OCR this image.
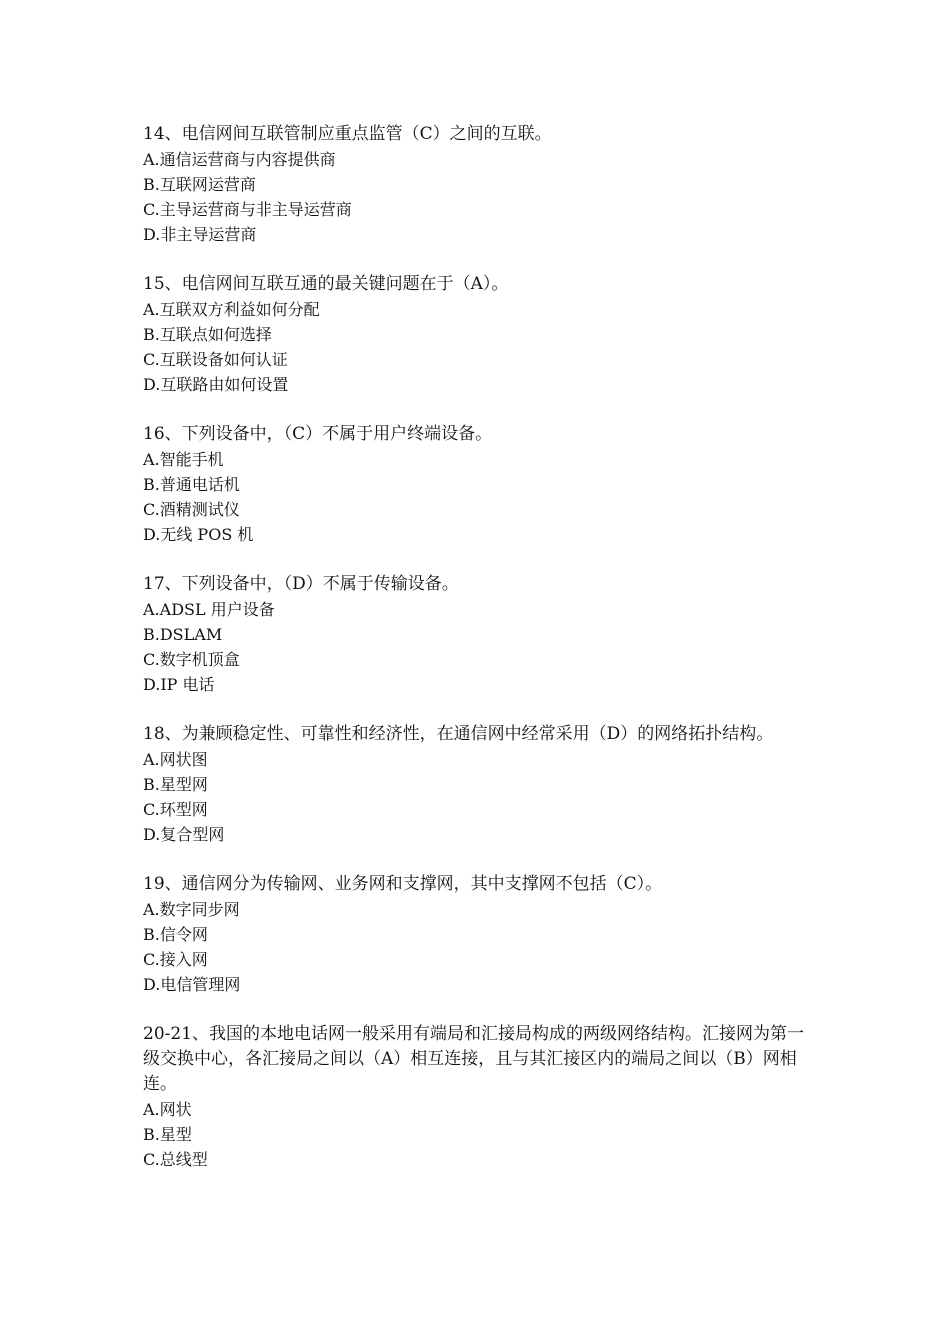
14、电信网间互联管制应重点监管（C）之间的互联。

A.通信运营商与内容提供商

B.互联网运营商

C.主导运营商与非主导运营商

D.非主导运营商

15、电信网间互联互通的最关键问题在于（A）。

A.互联双方利益如何分配

B.互联点如何选择

C.互联设备如何认证

D.互联路由如何设置

16、下列设备中，（C）不属于用户终端设备。

A.智能手机

B.普通电话机

C.酒精测试仪

D.无线 POS 机

17、下列设备中，（D）不属于传输设备。

A.ADSL 用户设备

B.DSLAM

C.数字机顶盒

D.IP 电话

18、为兼顾稳定性、可靠性和经济性，在通信网中经常采用（D）的网络拓扑结构。

A.网状图

B.星型网

C.环型网

D.复合型网

19、通信网分为传输网、业务网和支撑网，其中支撑网不包括（C）。

A.数字同步网

B.信令网

C.接入网

D.电信管理网

20-21、我国的本地电话网一般采用有端局和汇接局构成的两级网络结构。汇接网为第一级交换中心，各汇接局之间以（A）相互连接，且与其汇接区内的端局之间以（B）网相连。

A.网状

B.星型

C.总线型
